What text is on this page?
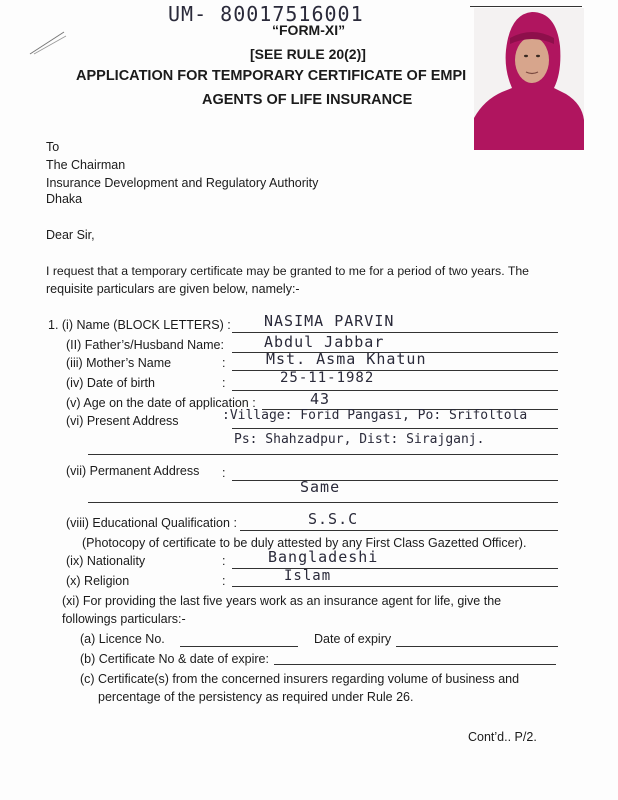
UM- 80017516001
“FORM-XI”
[SEE RULE 20(2)]
APPLICATION FOR TEMPORARY CERTIFICATE OF EMPI
AGENTS OF LIFE INSURANCE
To
The Chairman
Insurance Development and Regulatory Authority
Dhaka
Dear Sir,
I request that a temporary certificate may be granted to me for a period of two years. The
requisite particulars are given below, namely:-
1. (i) Name (BLOCK LETTERS) : NASIMA PARVIN
(II) Father’s/Husband Name:	Abdul Jabbar
(iii) Mother’s Name	:	Mst. Asma Khatun
(iv) Date of birth	:	25-11-1982
(v) Age on the date of application :	43
(vi) Present Address	:Village: Forid Pangasi, Po: Srifoltola
Ps: Shahzadpur, Dist: Sirajganj.
(vii) Permanent Address :
Same
(viii) Educational Qualification :	S.S.C
(Photocopy of certificate to be duly attested by any First Class Gazetted Officer).
(ix) Nationality	:	Bangladeshi
(x) Religion	:	Islam
(xi) For providing the last five years work as an insurance agent for life, give the
followings particulars:-
(a) Licence No.	Date of expiry
(b) Certificate No & date of expire:
(c) Certificate(s) from the concerned insurers regarding volume of business and
percentage of the persistency as required under Rule 26.
Cont’d.. P/2.
